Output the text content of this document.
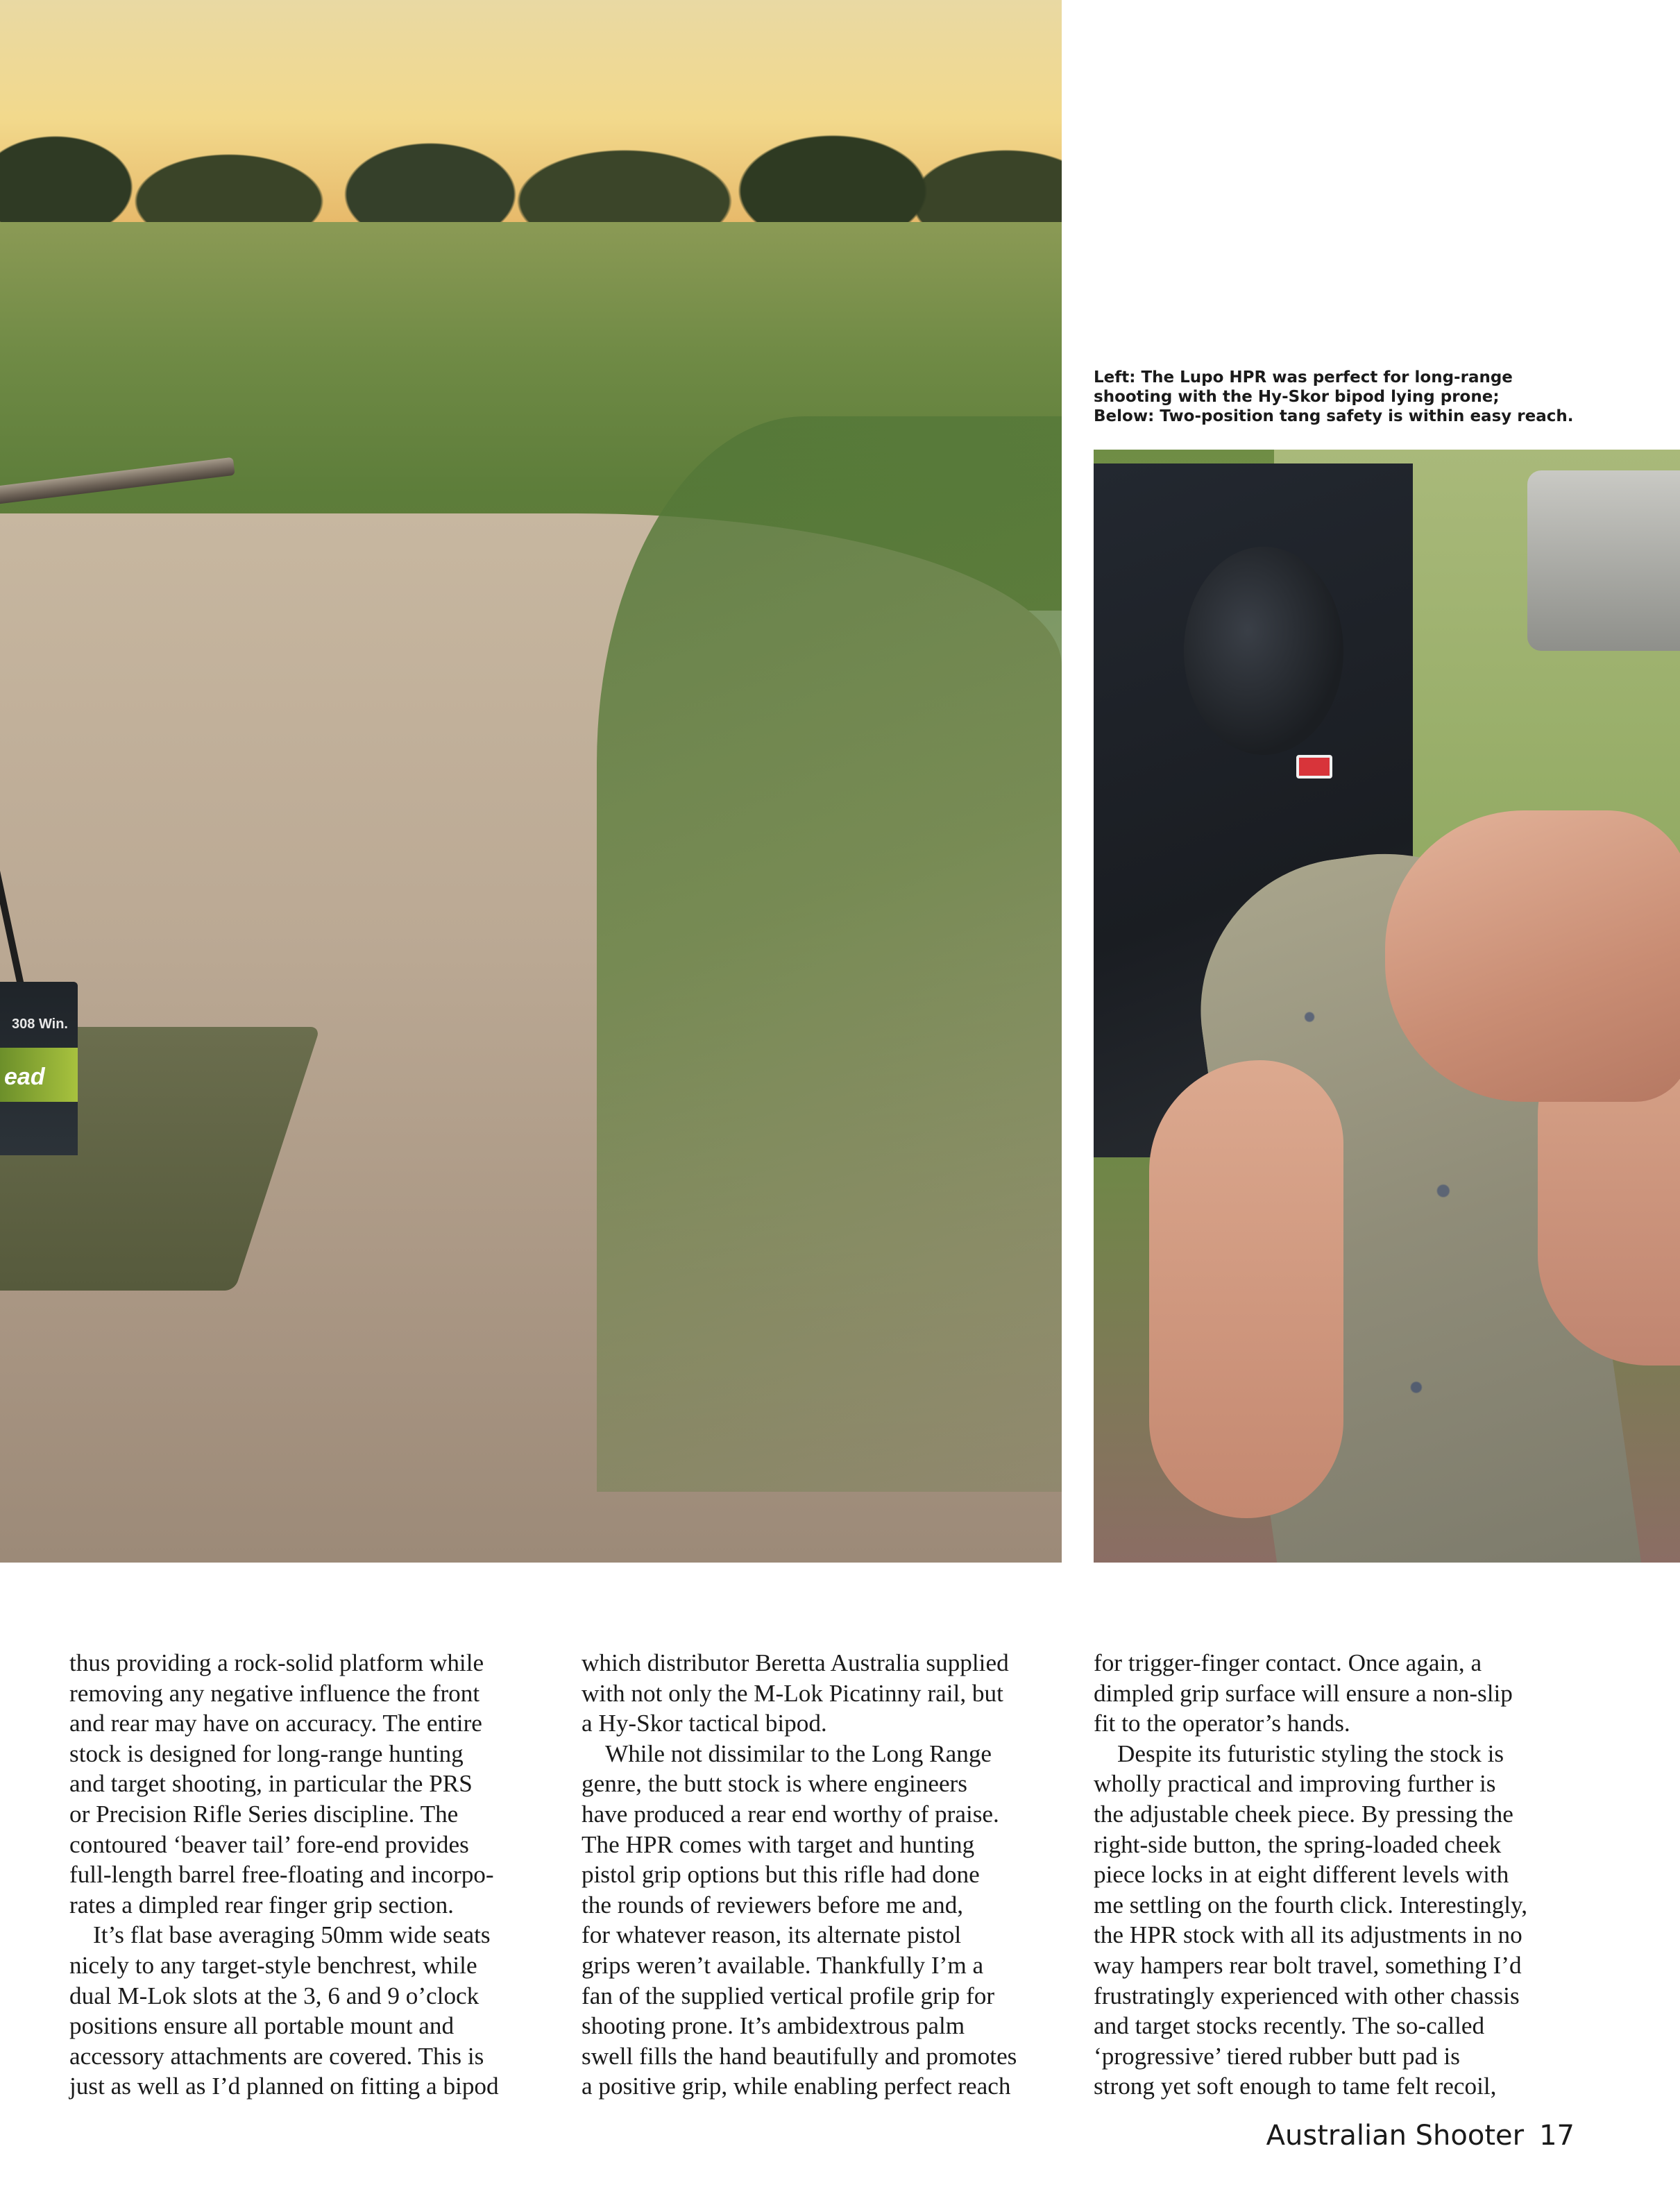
308 Win.
ead

Left: The Lupo HPR was perfect for long-range
shooting with the Hy-Skor bipod lying prone;
Below: Two-position tang safety is within easy reach.

thus providing a rock-solid platform while
removing any negative influence the front
and rear may have on accuracy. The entire
stock is designed for long-range hunting
and target shooting, in particular the PRS
or Precision Rifle Series discipline. The
contoured ‘beaver tail’ fore-end provides
full-length barrel free-floating and incorpo-
rates a dimpled rear finger grip section.
It’s flat base averaging 50mm wide seats
nicely to any target-style benchrest, while
dual M-Lok slots at the 3, 6 and 9 o’clock
positions ensure all portable mount and
accessory attachments are covered. This is
just as well as I’d planned on fitting a bipod

which distributor Beretta Australia supplied
with not only the M-Lok Picatinny rail, but
a Hy-Skor tactical bipod.
While not dissimilar to the Long Range
genre, the butt stock is where engineers
have produced a rear end worthy of praise.
The HPR comes with target and hunting
pistol grip options but this rifle had done
the rounds of reviewers before me and,
for whatever reason, its alternate pistol
grips weren’t available. Thankfully I’m a
fan of the supplied vertical profile grip for
shooting prone. It’s ambidextrous palm
swell fills the hand beautifully and promotes
a positive grip, while enabling perfect reach

for trigger-finger contact. Once again, a
dimpled grip surface will ensure a non-slip
fit to the operator’s hands.
Despite its futuristic styling the stock is
wholly practical and improving further is
the adjustable cheek piece. By pressing the
right-side button, the spring-loaded cheek
piece locks in at eight different levels with
me settling on the fourth click. Interestingly,
the HPR stock with all its adjustments in no
way hampers rear bolt travel, something I’d
frustratingly experienced with other chassis
and target stocks recently. The so-called
‘progressive’ tiered rubber butt pad is
strong yet soft enough to tame felt recoil,

Australian Shooter 17
